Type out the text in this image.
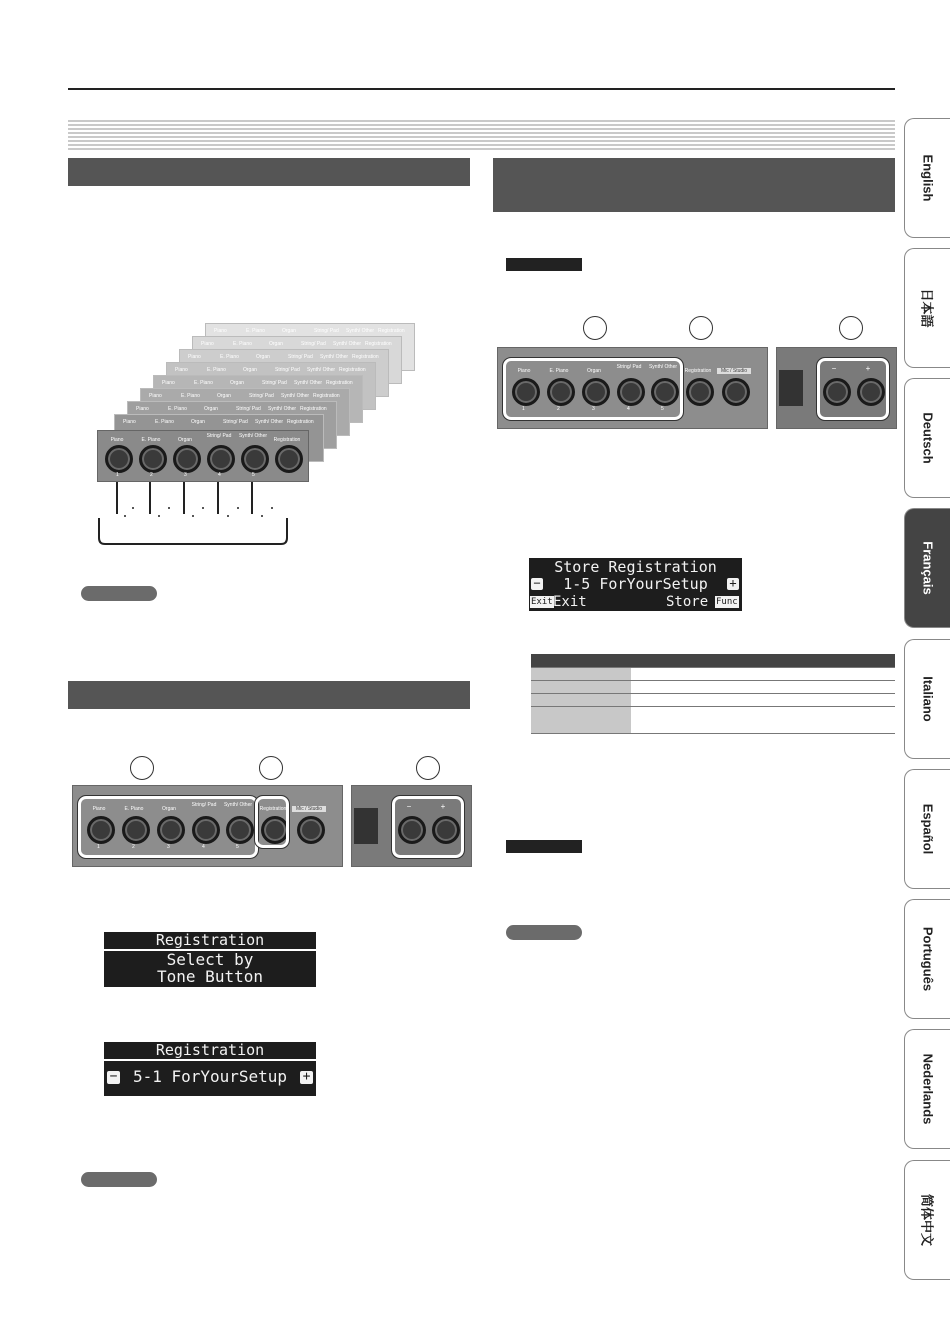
Piano	E. Piano	Organ	String/ Pad Synth/ Other Registration
Piano	E. Piano	Organ	String/ Pad Synth/ Other Registration
Piano	E. Piano	Organ	String/ Pad Synth/ Other Registration
Piano	E. Piano	Organ	String/ Pad Synth/ Other Registration
Piano	E. Piano	Organ	String/ Pad Synth/ Other Registration
Piano	E. Piano	Organ	String/ Pad Synth/ Other Registration
Piano	E. Piano	Organ	String/ Pad Synth/ Other Registration
Piano	E. Piano	Organ	String/ Pad Synth/ Other Registration
Piano	E. Piano	Organ
String/ Pad	Synth/ Other
Registration
1	2	3	4	5
Piano	E. Piano	Organ
String/ Pad	Synth/ Other
Registration	Mic / Studio
1	2	3	4	5
−	+
Registration
Select by
Tone Button
Registration
5-1 ForYourSetup
−	+
Piano	E. Piano	Organ
String/ Pad	Synth/ Other
Registration	Mic / Studio
1	2	3	4	5
−	+
Store Registration
1-5 ForYourSetup
−	+
Exit Exit	Store Func

English
日本語
Deutsch
Français
Italiano
Español
Português
Nederlands
简体中文
